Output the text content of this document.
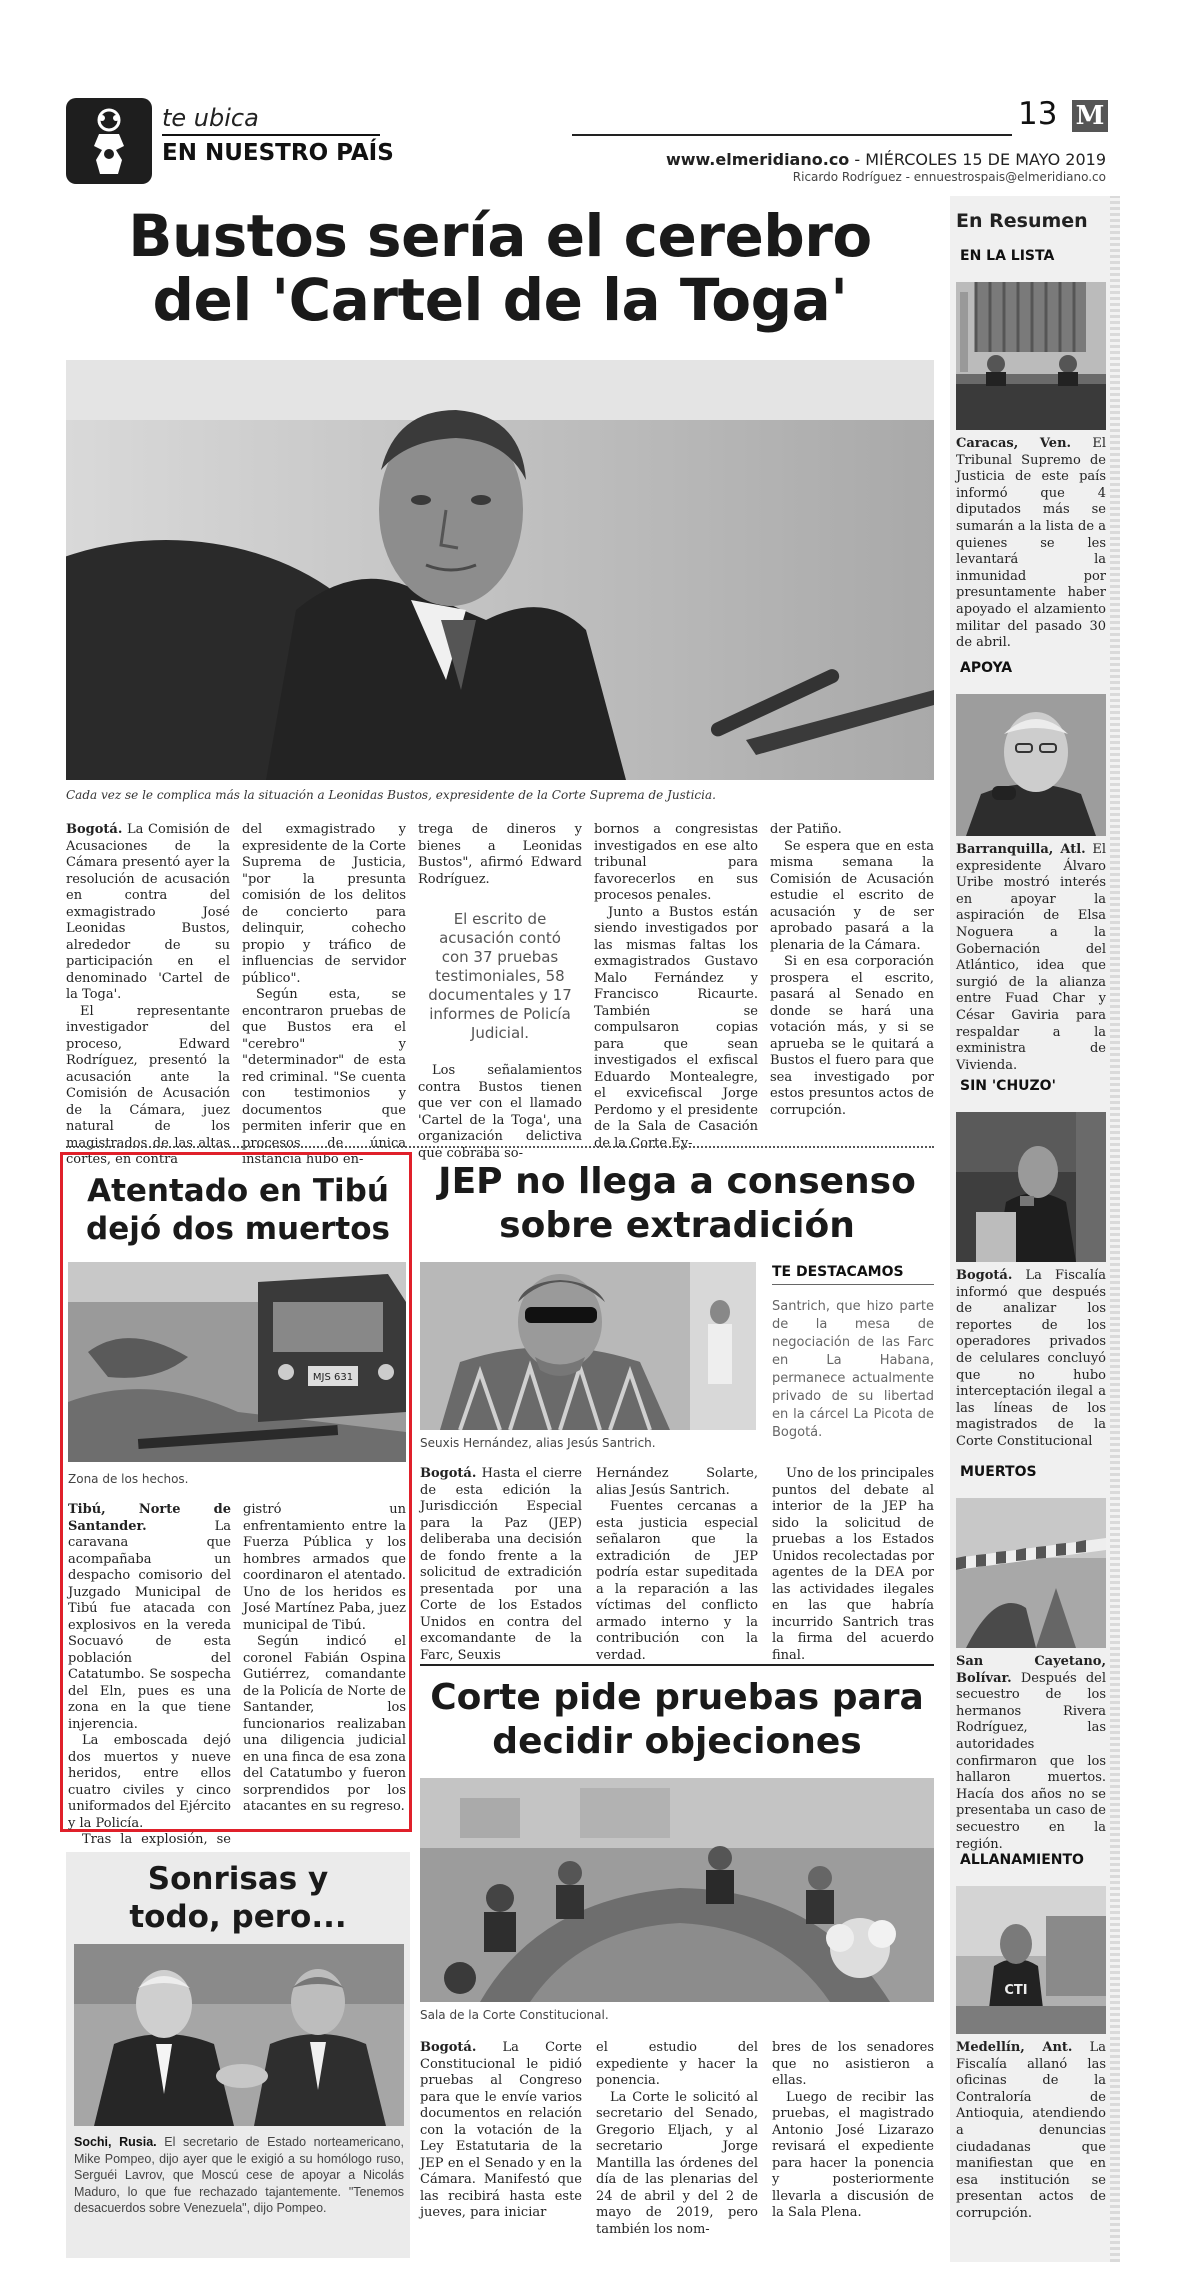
te ubica
EN NUESTRO PAÍS
13 M
www.elmeridiano.co - MIÉRCOLES 15 DE MAYO 2019
Ricardo Rodríguez - ennuestrospais@elmeridiano.co
Bustos sería el cerebro
del 'Cartel de la Toga'
Cada vez se le complica más la situación a Leonidas Bustos, expresidente de la Corte Suprema de Justicia.

Bogotá. La Comisión de Acusaciones de la Cámara presentó ayer la resolución de acusación en contra del exmagistrado José Leonidas Bustos, alrededor de su participación en el denominado 'Cartel de la Toga'.

El representante investigador del proceso, Edward Rodríguez, presentó la acusación ante la Comisión de Acusación de la Cámara, juez natural de los magistrados de las altas cortes, en contra

del exmagistrado y expresidente de la Corte Suprema de Justicia, "por la presunta comisión de los delitos de concierto para delinquir, cohecho propio y tráfico de influencias de servidor público".

Según esta, se encontraron pruebas de que Bustos era el "cerebro" y "determinador" de esta red criminal. "Se cuenta con testimonios y documentos que permiten inferir que en procesos de única instancia hubo en-

trega de dineros y bienes a Leonidas Bustos", afirmó Edward Rodríguez.

El escrito de acusación contó con 37 pruebas testimoniales, 58 documentales y 17 informes de Policía Judicial.

Los señalamientos contra Bustos tienen que ver con el llamado 'Cartel de la Toga', una organización delictiva que cobraba so-

bornos a congresistas investigados en ese alto tribunal para favorecerlos en sus procesos penales.

Junto a Bustos están siendo investigados por las mismas faltas los exmagistrados Gustavo Malo Fernández y Francisco Ricaurte. También se compulsaron copias para que sean investigados el exfiscal Eduardo Montealegre, el exvicefiscal Jorge Perdomo y el presidente de la Sala de Casación de la Corte Ey-

der Patiño.

Se espera que en esta misma semana la Comisión de Acusación estudie el escrito de acusación y de ser aprobado pasará a la plenaria de la Cámara.

Si en esa corporación prospera el escrito, pasará al Senado en donde se hará una votación más, y si se aprueba se le quitará a Bustos el fuero para que sea investigado por estos presuntos actos de corrupción.

Atentado en Tibú
dejó dos muertos
MJS 631
Zona de los hechos.

Tibú, Norte de Santander. La caravana que acompañaba un despacho comisorio del Juzgado Municipal de Tibú fue atacada con explosivos en la vereda Socuavó de esta población del Catatumbo. Se sospecha del Eln, pues es una zona en la que tiene injerencia.

La emboscada dejó dos muertos y nueve heridos, entre ellos cuatro civiles y cinco uniformados del Ejército y la Policía.

Tras la explosión, se

gistró un enfrentamiento entre la Fuerza Pública y los hombres armados que coordinaron el atentado. Uno de los heridos es José Martínez Paba, juez municipal de Tibú.

Según indicó el coronel Fabián Ospina Gutiérrez, comandante de la Policía de Norte de Santander, los funcionarios realizaban una diligencia judicial en una finca de esa zona del Catatumbo y fueron sorprendidos por los atacantes en su regreso.

Sonrisas y
todo, pero...
Sochi, Rusia. El secretario de Estado norteamericano, Mike Pompeo, dijo ayer que le exigió a su homólogo ruso, Serguéi Lavrov, que Moscú cese de apoyar a Nicolás Maduro, lo que fue rechazado tajantemente. "Tenemos desacuerdos sobre Venezuela", dijo Pompeo.
JEP no llega a consenso
sobre extradición
Seuxis Hernández, alias Jesús Santrich.
TE DESTACAMOS
Santrich, que hizo parte de la mesa de negociación de las Farc en La Habana, permanece actualmente privado de su libertad en la cárcel La Picota de Bogotá.

Bogotá. Hasta el cierre de esta edición la Jurisdicción Especial para la Paz (JEP) deliberaba una decisión de fondo frente a la solicitud de extradición presentada por una Corte de los Estados Unidos en contra del excomandante de la Farc, Seuxis

Hernández Solarte, alias Jesús Santrich.

Fuentes cercanas a esta justicia especial señalaron que la extradición de JEP podría estar supeditada a la reparación a las víctimas del conflicto armado interno y la contribución con la verdad.

Uno de los principales puntos del debate al interior de la JEP ha sido la solicitud de pruebas a los Estados Unidos recolectadas por agentes de la DEA por las actividades ilegales en las que habría incurrido Santrich tras la firma del acuerdo final.

Corte pide pruebas para
decidir objeciones
Sala de la Corte Constitucional.

Bogotá. La Corte Constitucional le pidió pruebas al Congreso para que le envíe varios documentos en relación con la votación de la Ley Estatutaria de la JEP en el Senado y en la Cámara. Manifestó que las recibirá hasta este jueves, para iniciar

el estudio del expediente y hacer la ponencia.

La Corte le solicitó al secretario del Senado, Gregorio Eljach, y al secretario Jorge Mantilla las órdenes del día de las plenarias del 24 de abril y del 2 de mayo de 2019, pero también los nom-

bres de los senadores que no asistieron a ellas.

Luego de recibir las pruebas, el magistrado Antonio José Lizarazo revisará el expediente para hacer la ponencia y posteriormente llevarla a discusión de la Sala Plena.

En Resumen
EN LA LISTA
Caracas, Ven. El Tribunal Supremo de Justicia de este país informó que 4 diputados más se sumarán a la lista de a quienes se les levantará la inmunidad por presuntamente haber apoyado el alzamiento militar del pasado 30 de abril.
APOYA
Barranquilla, Atl. El expresidente Álvaro Uribe mostró interés en apoyar la aspiración de Elsa Noguera a la Gobernación del Atlántico, idea que surgió de la alianza entre Fuad Char y César Gaviria para respaldar a la exministra de Vivienda.
SIN 'CHUZO'
Bogotá. La Fiscalía informó que después de analizar los reportes de los operadores privados de celulares concluyó que no hubo interceptación ilegal a las líneas de los magistrados de la Corte Constitucional
MUERTOS
San Cayetano, Bolívar. Después del secuestro de los hermanos Rivera Rodríguez, las autoridades confirmaron que los hallaron muertos. Hacía dos años no se presentaba un caso de secuestro en la región.
ALLANAMIENTO
CTI
Medellín, Ant. La Fiscalía allanó las oficinas de la Contraloría de Antioquia, atendiendo a denuncias ciudadanas que manifiestan que en esa institución se presentan actos de corrupción.
